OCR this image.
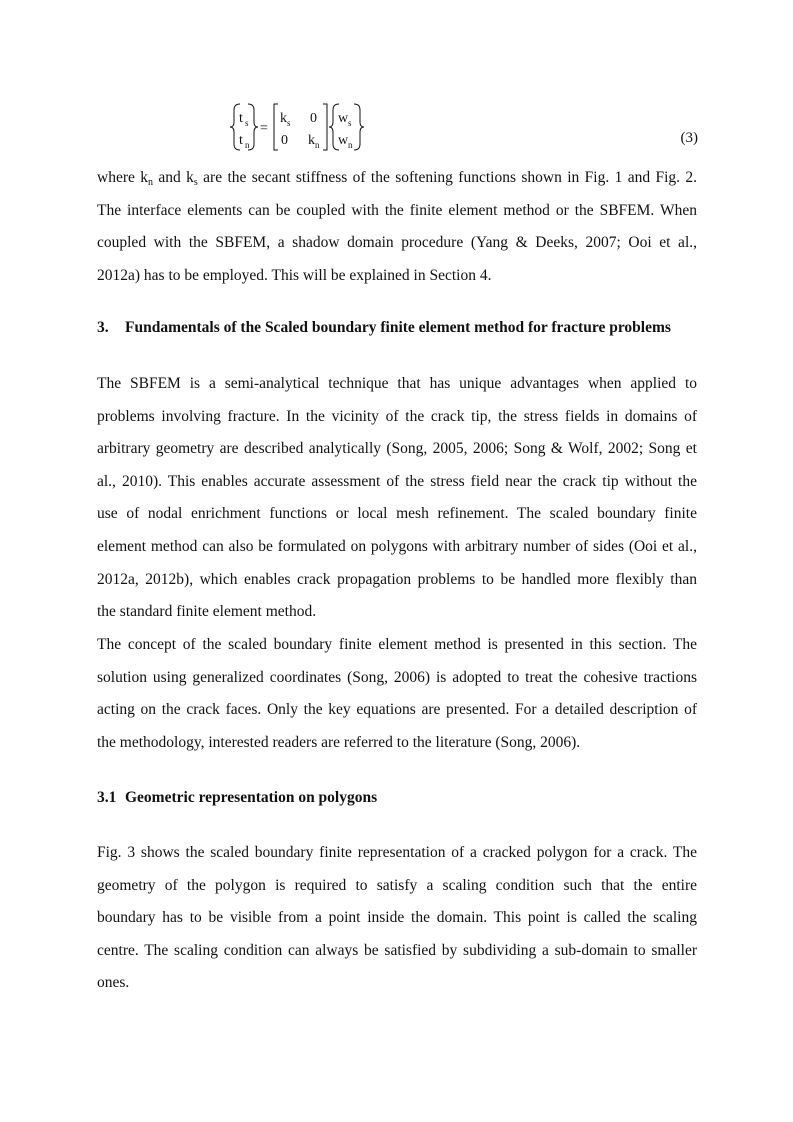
t s
t n
=
k s 0
0 k n
w s
w n	(3)
where $k_n$ and $k_s$ are the secant stiffness of the softening functions shown in Fig. 1 and Fig. 2.
The interface elements can be coupled with the finite element method or the SBFEM. When
coupled with the SBFEM, a shadow domain procedure (Yang & Deeks, 2007; Ooi et al.,
2012a) has to be employed. This will be explained in Section 4.
3. Fundamentals of the Scaled boundary finite element method for fracture problems
The SBFEM is a semi-analytical technique that has unique advantages when applied to
problems involving fracture. In the vicinity of the crack tip, the stress fields in domains of
arbitrary geometry are described analytically (Song, 2005, 2006; Song & Wolf, 2002; Song et
al., 2010). This enables accurate assessment of the stress field near the crack tip without the
use of nodal enrichment functions or local mesh refinement. The scaled boundary finite
element method can also be formulated on polygons with arbitrary number of sides (Ooi et al.,
2012a, 2012b), which enables crack propagation problems to be handled more flexibly than
the standard finite element method.
The concept of the scaled boundary finite element method is presented in this section. The
solution using generalized coordinates (Song, 2006) is adopted to treat the cohesive tractions
acting on the crack faces. Only the key equations are presented. For a detailed description of
the methodology, interested readers are referred to the literature (Song, 2006).
3.1 Geometric representation on polygons
Fig. 3 shows the scaled boundary finite representation of a cracked polygon for a crack. The
geometry of the polygon is required to satisfy a scaling condition such that the entire
boundary has to be visible from a point inside the domain. This point is called the scaling
centre. The scaling condition can always be satisfied by subdividing a sub-domain to smaller
ones.
